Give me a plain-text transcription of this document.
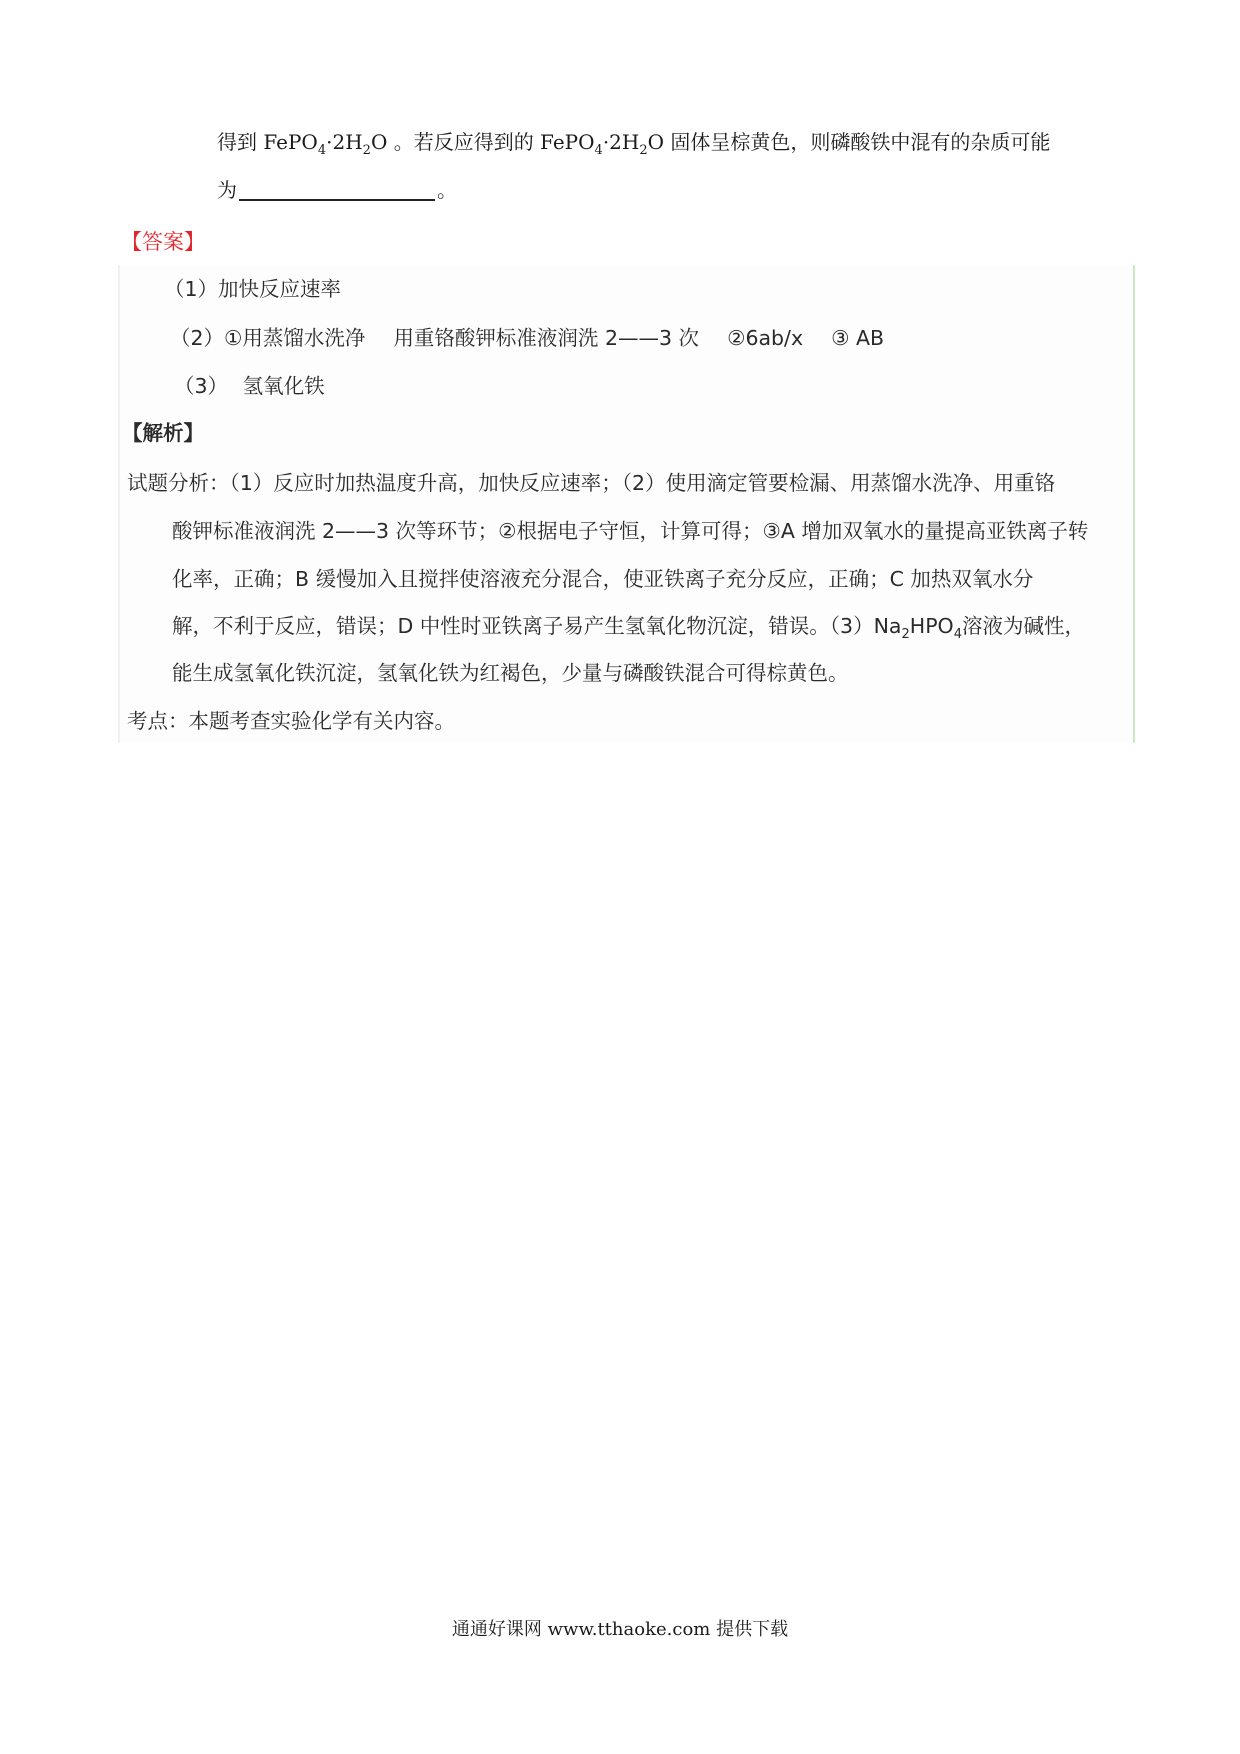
得到 $FePO_4\cdot 2H_2O$ 。若反应得到的 $FePO_4\cdot 2H_2O$ 固体呈棕黄色，则磷酸铁中混有的杂质可能
为	。
【答案】
（1）加快反应速率
（2）①用蒸馏水洗净 用重铬酸钾标准液润洗 2——3 次 ②6ab/x ③ AB
（3） 氢氧化铁
【解析】
试题分析：（1）反应时加热温度升高，加快反应速率；（2）使用滴定管要检漏、用蒸馏水洗净、用重铬
酸钾标准液润洗 2——3 次等环节；②根据电子守恒，计算可得；③A 增加双氧水的量提高亚铁离子转
化率，正确；B 缓慢加入且搅拌使溶液充分混合，使亚铁离子充分反应，正确；C 加热双氧水分
解，不利于反应，错误；D 中性时亚铁离子易产生氢氧化物沉淀，错误。$(3)Na_2HPO_4$溶液为碱性，
能生成氢氧化铁沉淀，氢氧化铁为红褐色，少量与磷酸铁混合可得棕黄色。
考点：本题考查实验化学有关内容。
通通好课网 www.tthaoke.com 提供下载
